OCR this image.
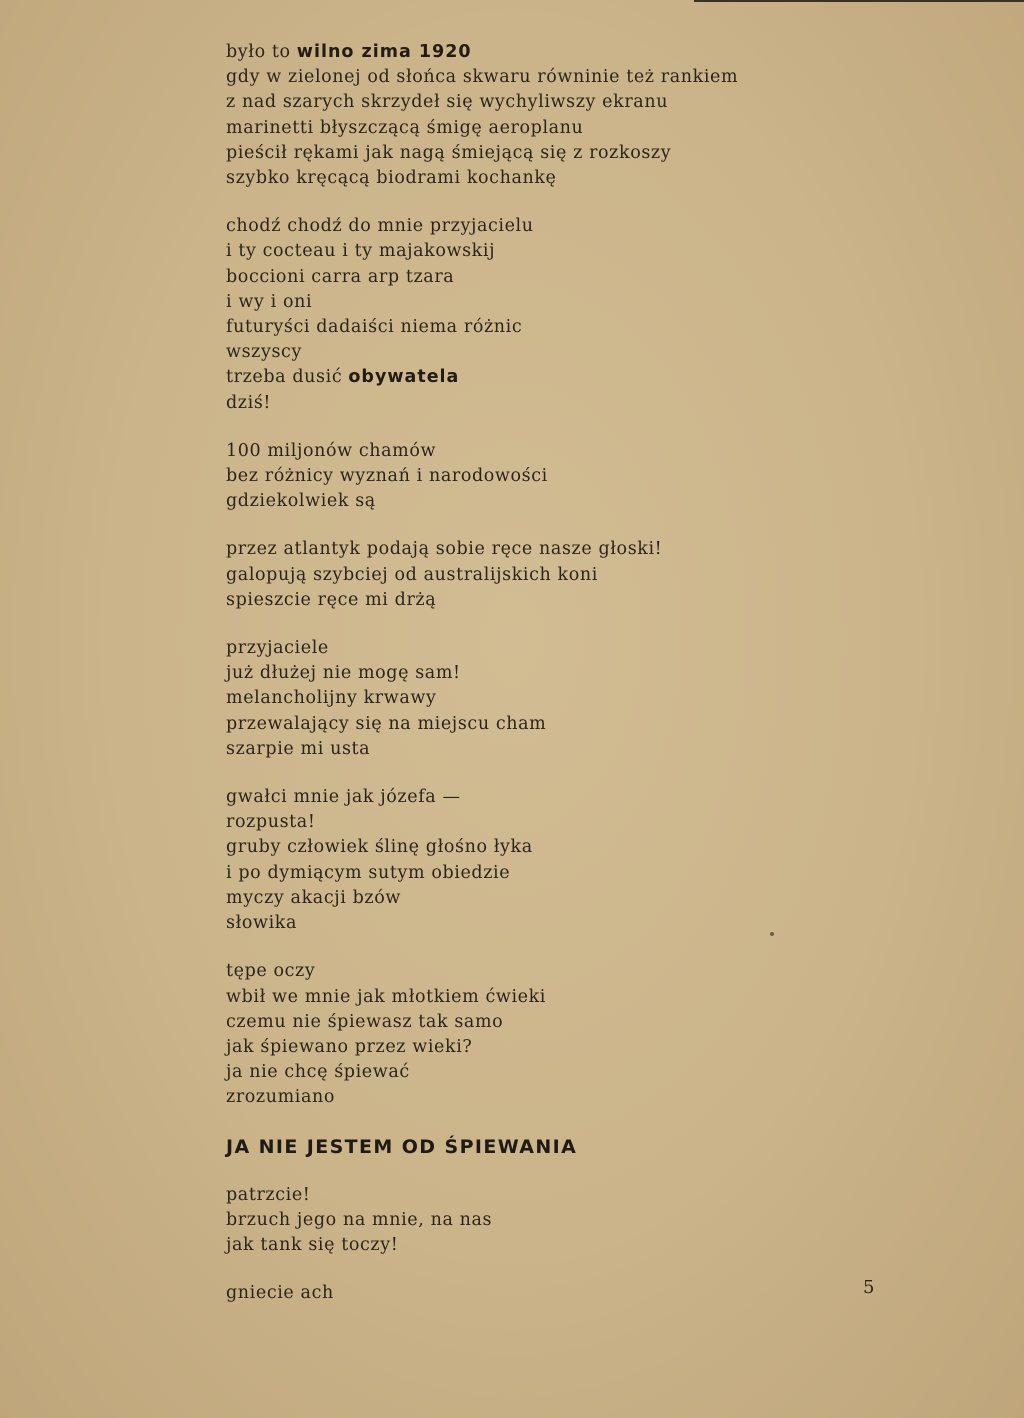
było to wilno zima 1920
gdy w zielonej od słońca skwaru równinie też rankiem
z nad szarych skrzydeł się wychyliwszy ekranu
marinetti błyszczącą śmigę aeroplanu
pieścił rękami jak nagą śmiejącą się z rozkoszy
szybko kręcącą biodrami kochankę
chodź chodź do mnie przyjacielu
i ty cocteau i ty majakowskij
boccioni carra arp tzara
i wy i oni
futuryści dadaiści niema różnic
wszyscy
trzeba dusić obywatela
dziś!
100 miljonów chamów
bez różnicy wyznań i narodowości
gdziekolwiek są
przez atlantyk podają sobie ręce nasze głoski!
galopują szybciej od australijskich koni
spieszcie ręce mi drżą
przyjaciele
już dłużej nie mogę sam!
melancholijny krwawy
przewalający się na miejscu cham
szarpie mi usta
gwałci mnie jak józefa —
rozpusta!
gruby człowiek ślinę głośno łyka
i po dymiącym sutym obiedzie
myczy akacji bzów
słowika
tępe oczy
wbił we mnie jak młotkiem ćwieki
czemu nie śpiewasz tak samo
jak śpiewano przez wieki?
ja nie chcę śpiewać
zrozumiano
JA NIE JESTEM OD ŚPIEWANIA
patrzcie!
brzuch jego na mnie, na nas
jak tank się toczy!
gniecie ach	5
